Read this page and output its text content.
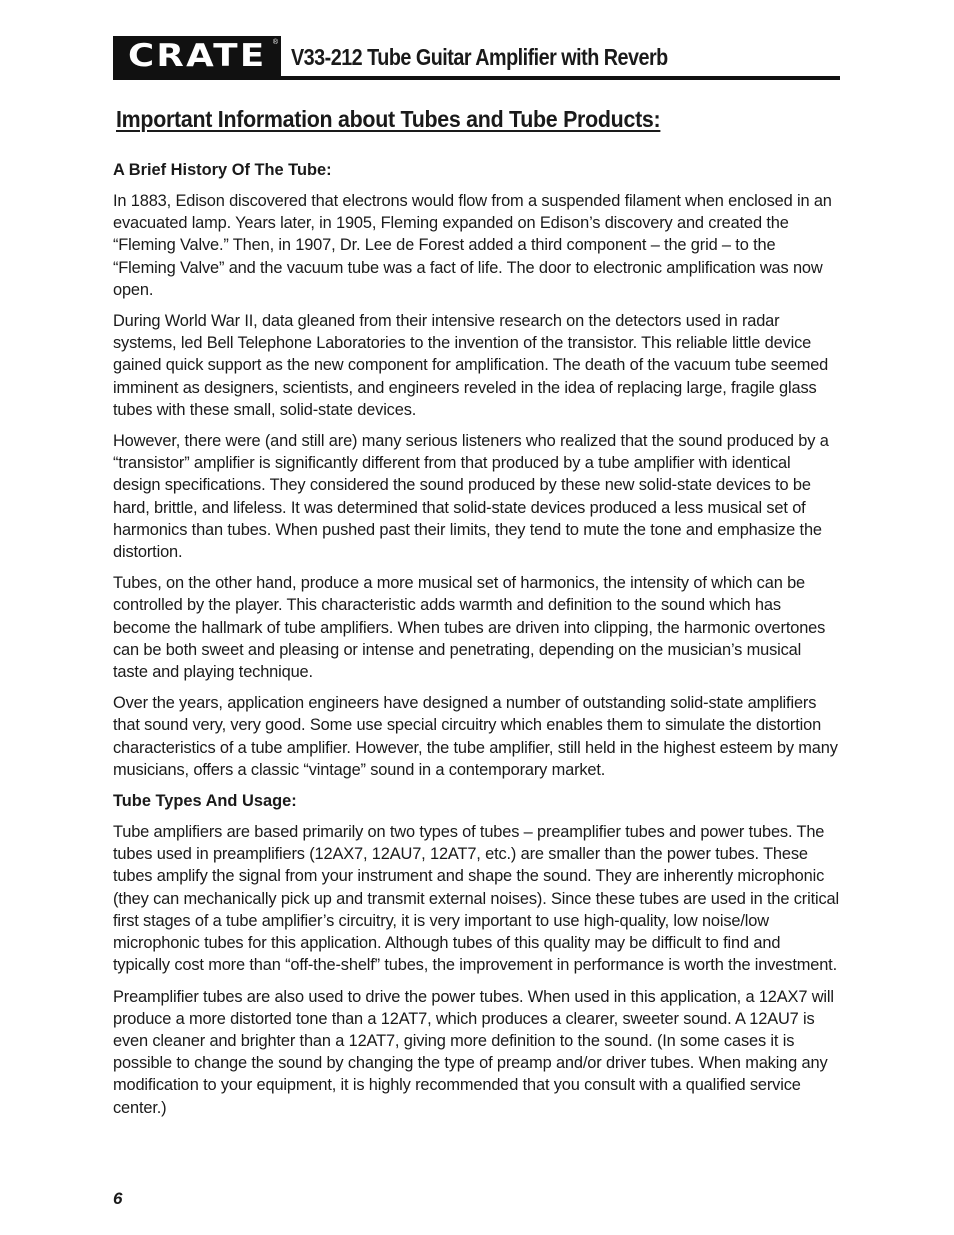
CRATE ®
V33-212 Tube Guitar Amplifier with Reverb
Important Information about Tubes and Tube Products:

A Brief History Of The Tube:

In 1883, Edison discovered that electrons would flow from a suspended filament when enclosed in an evacuated lamp. Years later, in 1905, Fleming expanded on Edison’s discovery and created the “Fleming Valve.” Then, in 1907, Dr. Lee de Forest added a third component – the grid – to the “Fleming Valve” and the vacuum tube was a fact of life. The door to electronic amplification was now open.

During World War II, data gleaned from their intensive research on the detectors used in radar systems, led Bell Telephone Laboratories to the invention of the transistor. This reliable little device gained quick support as the new component for amplification. The death of the vacuum tube seemed imminent as designers, scientists, and engineers reveled in the idea of replacing large, fragile glass tubes with these small, solid-state devices.

However, there were (and still are) many serious listeners who realized that the sound produced by a “transistor” amplifier is significantly different from that produced by a tube amplifier with identical design specifications. They considered the sound produced by these new solid-state devices to be hard, brittle, and lifeless. It was determined that solid-state devices produced a less musical set of harmonics than tubes. When pushed past their limits, they tend to mute the tone and emphasize the distortion.

Tubes, on the other hand, produce a more musical set of harmonics, the intensity of which can be controlled by the player. This characteristic adds warmth and definition to the sound which has become the hallmark of tube amplifiers. When tubes are driven into clipping, the harmonic overtones can be both sweet and pleasing or intense and penetrating, depending on the musician’s musical taste and playing technique.

Over the years, application engineers have designed a number of outstanding solid-state amplifiers that sound very, very good. Some use special circuitry which enables them to simulate the distortion characteristics of a tube amplifier. However, the tube amplifier, still held in the highest esteem by many musicians, offers a classic “vintage” sound in a contemporary market.

Tube Types And Usage:

Tube amplifiers are based primarily on two types of tubes – preamplifier tubes and power tubes. The tubes used in preamplifiers (12AX7, 12AU7, 12AT7, etc.) are smaller than the power tubes. These tubes amplify the signal from your instrument and shape the sound. They are inherently microphonic (they can mechanically pick up and transmit external noises). Since these tubes are used in the critical first stages of a tube amplifier’s circuitry, it is very important to use high-quality, low noise/low microphonic tubes for this application. Although tubes of this quality may be difficult to find and typically cost more than “off-the-shelf” tubes, the improvement in performance is worth the investment.

Preamplifier tubes are also used to drive the power tubes. When used in this application, a 12AX7 will produce a more distorted tone than a 12AT7, which produces a clearer, sweeter sound. A 12AU7 is even cleaner and brighter than a 12AT7, giving more definition to the sound. (In some cases it is possible to change the sound by changing the type of preamp and/or driver tubes. When making any modification to your equipment, it is highly recommended that you consult with a qualified service center.)

6
